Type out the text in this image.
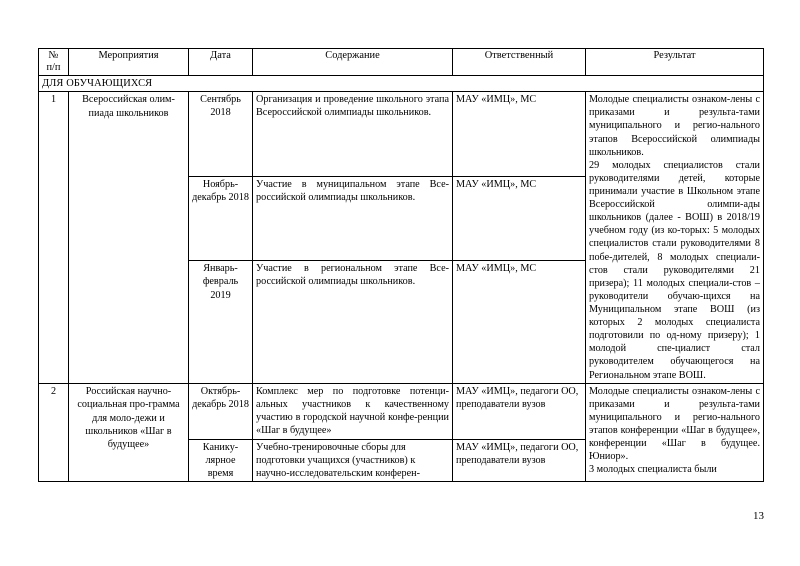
№
п/п	Мероприятия	Дата	Содержание	Ответственный	Результат
ДЛЯ ОБУЧАЮЩИХСЯ					
1	Всероссийская олим-пиада школьников	Сентябрь 2018	Организация и проведение школьного этапа Всероссийской олимпиады школьников.	МАУ «ИМЦ», МС	Молодые специалисты ознаком-лены с приказами и результа-тами муниципального и регио-нального этапов Всероссийской олимпиады школьников.

29 молодых специалистов стали руководителями детей, которые принимали участие в Школьном этапе Всероссийской олимпи-ады школьников (далее - ВОШ) в 2018/19 учебном году (из ко-торых: 5 молодых специалистов стали руководителями 8 побе-дителей, 8 молодых специали-стов стали руководителями 21 призера); 11 молодых специали-стов – руководители обучаю-щихся на Муниципальном этапе ВОШ (из которых 2 молодых специалиста подготовили по од-ному призеру); 1 молодой спе-циалист стал руководителем обучающегося на Региональном этапе ВОШ.

		Ноябрь-декабрь 2018	Участие в муниципальном этапе Все-российской олимпиады школьников.	МАУ «ИМЦ», МС	
		Январь-февраль 2019	Участие в региональном этапе Все-российской олимпиады школьников.	МАУ «ИМЦ», МС	
2	Российская научно-социальная про-грамма для моло-дежи и школьников «Шаг в будущее»	Октябрь-декабрь 2018	Комплекс мер по подготовке потенци-альных участников к качественному участию в городской научной конфе-ренции «Шаг в будущее»	МАУ «ИМЦ», педагоги ОО, преподаватели вузов	Молодые специалисты ознаком-лены с приказами и результа-тами муниципального и регио-нального этапов конференции «Шаг в будущее», конференции «Шаг в будущее. Юниор».

3 молодых специалиста были

		Канику-лярное время	Учебно-тренировочные сборы для подготовки учащихся (участников) к научно-исследовательским конферен-	МАУ «ИМЦ», педагоги ОО, преподаватели вузов	
13
